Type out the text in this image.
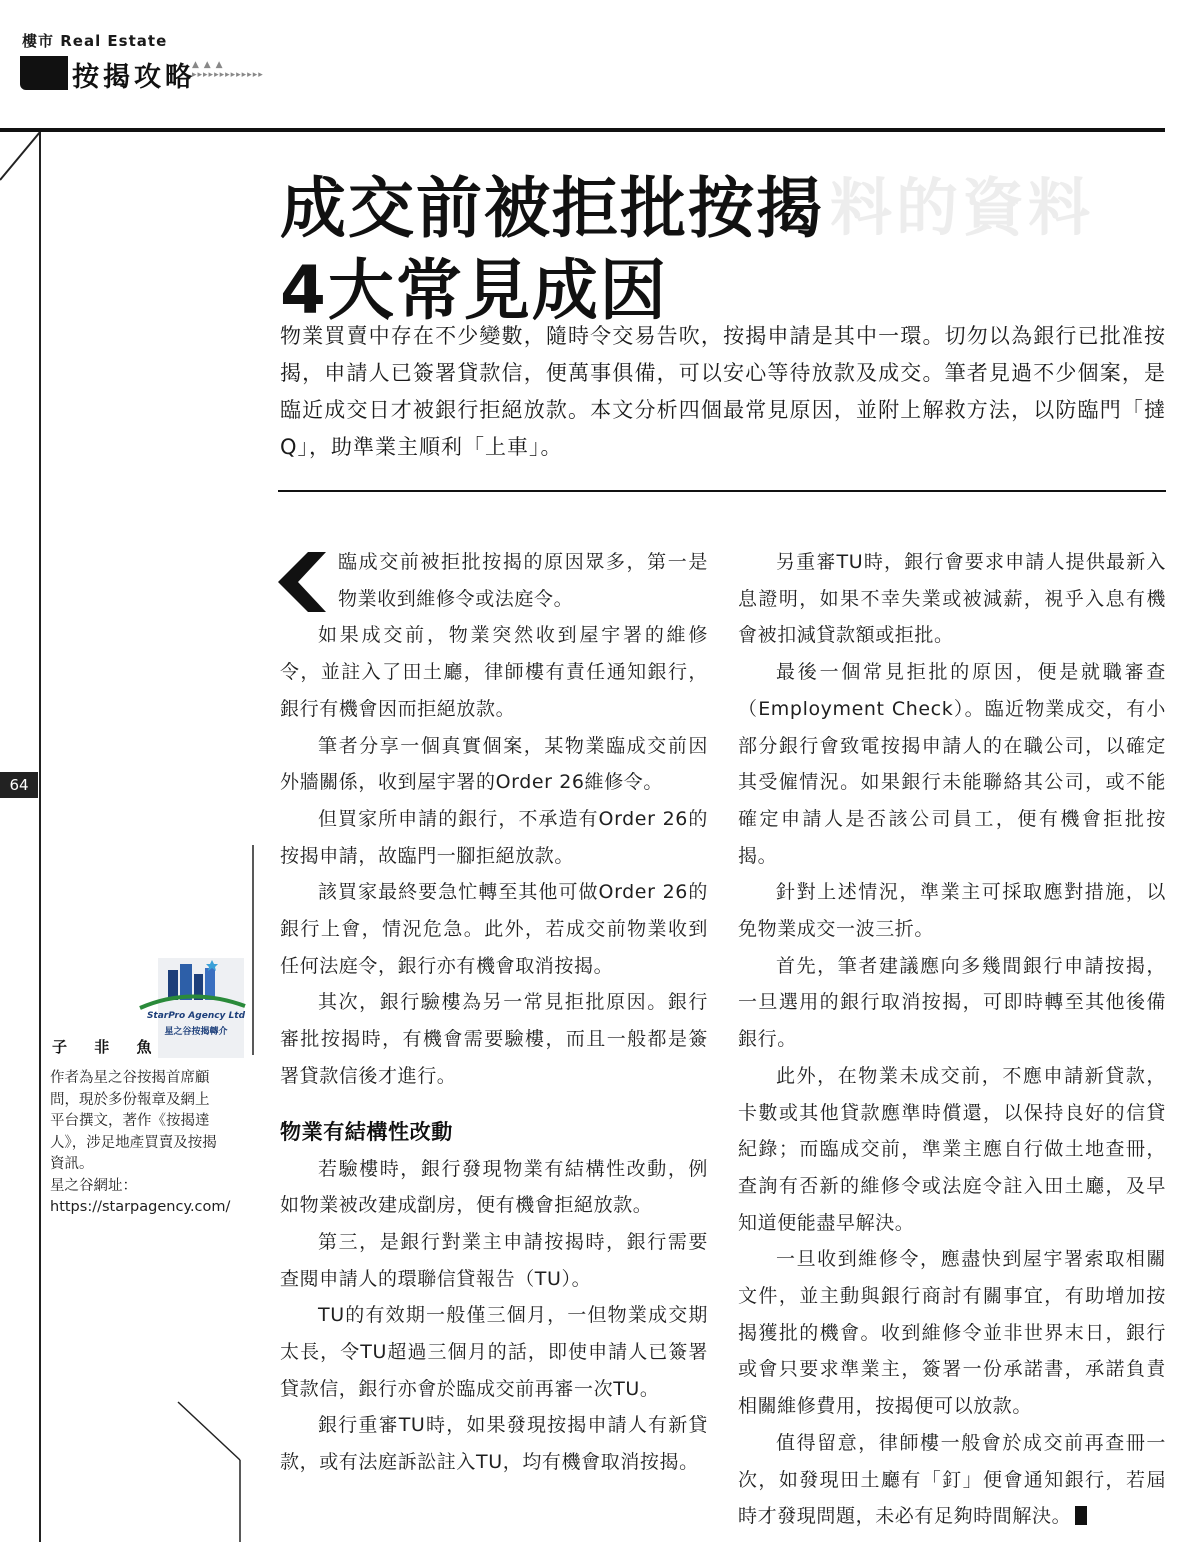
樓市 Real Estate
按揭攻略
▲ ▲ ▲
▸▸▸▸▸▸▸▸▸▸▸▸▸
料的資料
成交前被拒批按揭
4大常見成因
物業買賣中存在不少變數，隨時令交易告吹，按揭申請是其中一環。切勿以為銀行已批准按揭，申請人已簽署貸款信，便萬事俱備，可以安心等待放款及成交。筆者見過不少個案，是臨近成交日才被銀行拒絕放款。本文分析四個最常見原因，並附上解救方法，以防臨門「撻Q」，助準業主順利「上車」。

臨成交前被拒批按揭的原因眾多，第一是物業收到維修令或法庭令。

如果成交前，物業突然收到屋宇署的維修令，並註入了田土廳，律師樓有責任通知銀行，銀行有機會因而拒絕放款。

筆者分享一個真實個案，某物業臨成交前因外牆關係，收到屋宇署的Order 26維修令。

但買家所申請的銀行，不承造有Order 26的按揭申請，故臨門一腳拒絕放款。

該買家最終要急忙轉至其他可做Order 26的銀行上會，情況危急。此外，若成交前物業收到任何法庭令，銀行亦有機會取消按揭。

其次，銀行驗樓為另一常見拒批原因。銀行審批按揭時，有機會需要驗樓，而且一般都是簽署貸款信後才進行。

物業有結構性改動

若驗樓時，銀行發現物業有結構性改動，例如物業被改建成劏房，便有機會拒絕放款。

第三，是銀行對業主申請按揭時，銀行需要查閱申請人的環聯信貸報告（TU）。

TU的有效期一般僅三個月，一但物業成交期太長，令TU超過三個月的話，即使申請人已簽署貸款信，銀行亦會於臨成交前再審一次TU。

銀行重審TU時，如果發現按揭申請人有新貸款，或有法庭訴訟註入TU，均有機會取消按揭。

另重審TU時，銀行會要求申請人提供最新入息證明，如果不幸失業或被減薪，視乎入息有機會被扣減貸款額或拒批。

最後一個常見拒批的原因，便是就職審查（Employment Check）。臨近物業成交，有小部分銀行會致電按揭申請人的在職公司，以確定其受僱情況。如果銀行未能聯絡其公司，或不能確定申請人是否該公司員工，便有機會拒批按揭。

針對上述情況，準業主可採取應對措施，以免物業成交一波三折。

首先，筆者建議應向多幾間銀行申請按揭，一旦選用的銀行取消按揭，可即時轉至其他後備銀行。

此外，在物業未成交前，不應申請新貸款，卡數或其他貸款應準時償還，以保持良好的信貸紀錄；而臨成交前，準業主應自行做土地查冊，查詢有否新的維修令或法庭令註入田土廳，及早知道便能盡早解決。

一旦收到維修令，應盡快到屋宇署索取相關文件，並主動與銀行商討有關事宜，有助增加按揭獲批的機會。收到維修令並非世界末日，銀行或會只要求準業主，簽署一份承諾書，承諾負責相關維修費用，按揭便可以放款。

值得留意，律師樓一般會於成交前再查冊一次，如發現田土廳有「釘」便會通知銀行，若屆時才發現問題，未必有足夠時間解決。

64
StarPro Agency Ltd
星之谷按揭轉介
子 非 魚
作者為星之谷按揭首席顧
問，現於多份報章及網上
平台撰文，著作《按揭達
人》，涉足地產買賣及按揭
資訊。
星之谷網址：
https://starpagency.com/
